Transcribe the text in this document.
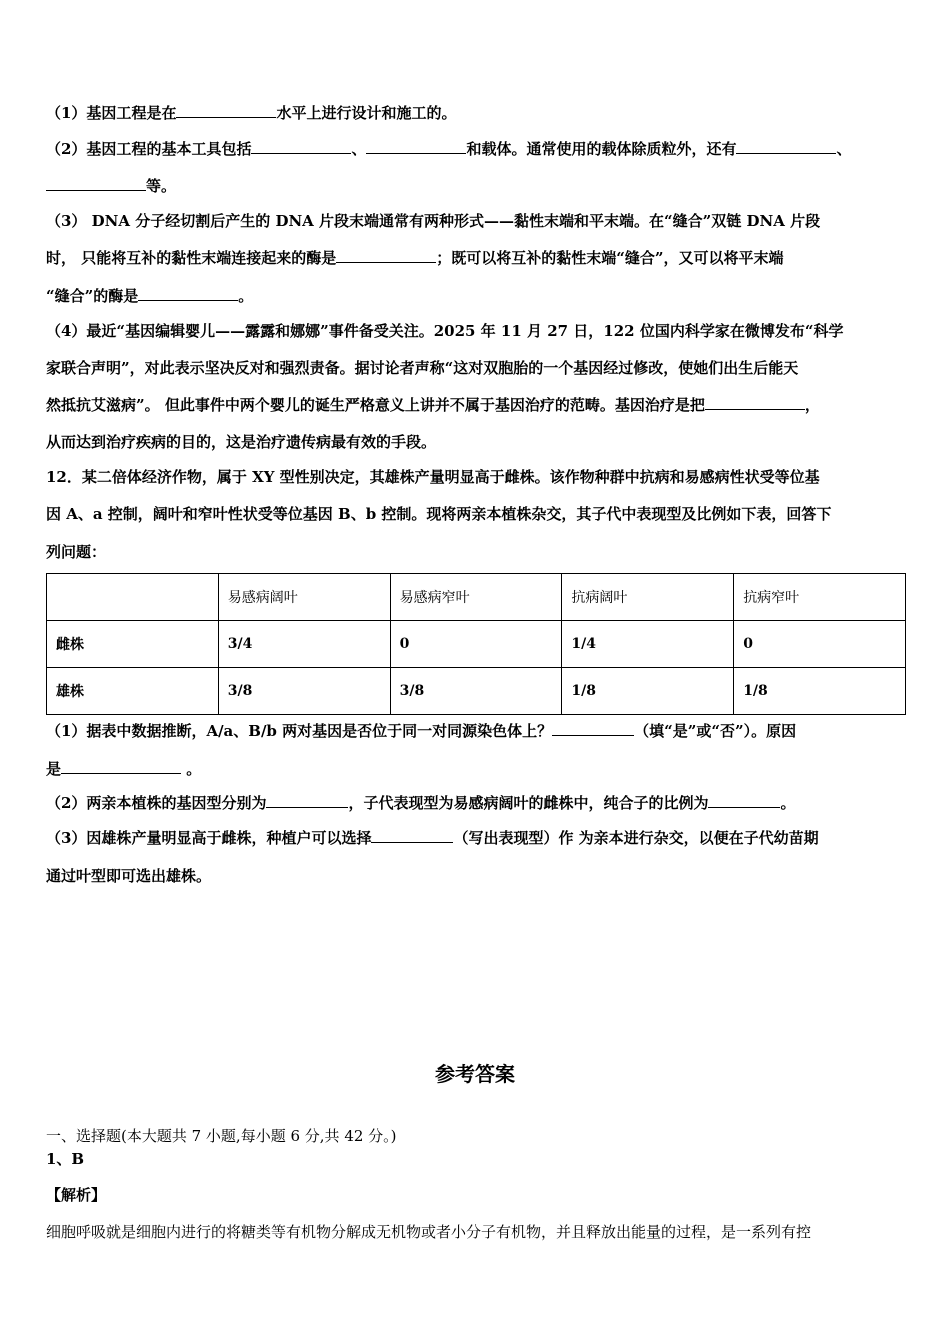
（1）基因工程是在	水平上进行设计和施工的。
（2）基因工程的基本工具包括	、	和载体。通常使用的载体除质粒外，还有	、
等。
（3） DNA 分子经切割后产生的 DNA 片段末端通常有两种形式——黏性末端和平末端。在“缝合”双链 DNA 片段
时， 只能将互补的黏性末端连接起来的酶是	；既可以将互补的黏性末端“缝合”，又可以将平末端
“缝合”的酶是	。
（4）最近“基因编辑婴儿——露露和娜娜”事件备受关注。2025 年 11 月 27 日，122 位国内科学家在微博发布“科学
家联合声明”，对此表示坚决反对和强烈责备。据讨论者声称“这对双胞胎的一个基因经过修改，使她们出生后能天
然抵抗艾滋病”。 但此事件中两个婴儿的诞生严格意义上讲并不属于基因治疗的范畴。基因治疗是把	，
从而达到治疗疾病的目的，这是治疗遗传病最有效的手段。
12．某二倍体经济作物，属于 XY 型性别决定，其雄株产量明显高于雌株。该作物种群中抗病和易感病性状受等位基
因 A、a 控制，阔叶和窄叶性状受等位基因 B、b 控制。现将两亲本植株杂交，其子代中表现型及比例如下表，回答下
列问题：
	易感病阔叶	易感病窄叶	抗病阔叶	抗病窄叶
雌株	3/4	0	1/4	0
雄株	3/8	3/8	1/8	1/8
（1）据表中数据推断，A/a、B/b 两对基因是否位于同一对同源染色体上？	（填“是”或“否”）。原因
是	。
（2）两亲本植株的基因型分别为	，子代表现型为易感病阔叶的雌株中，纯合子的比例为	。
（3）因雄株产量明显高于雌株，种植户可以选择	（写出表现型）作 为亲本进行杂交，以便在子代幼苗期
通过叶型即可选出雄株。
参考答案
一、选择题(本大题共 7 小题,每小题 6 分,共 42 分。)
1、B
【解析】
细胞呼吸就是细胞内进行的将糖类等有机物分解成无机物或者小分子有机物，并且释放出能量的过程，是一系列有控
